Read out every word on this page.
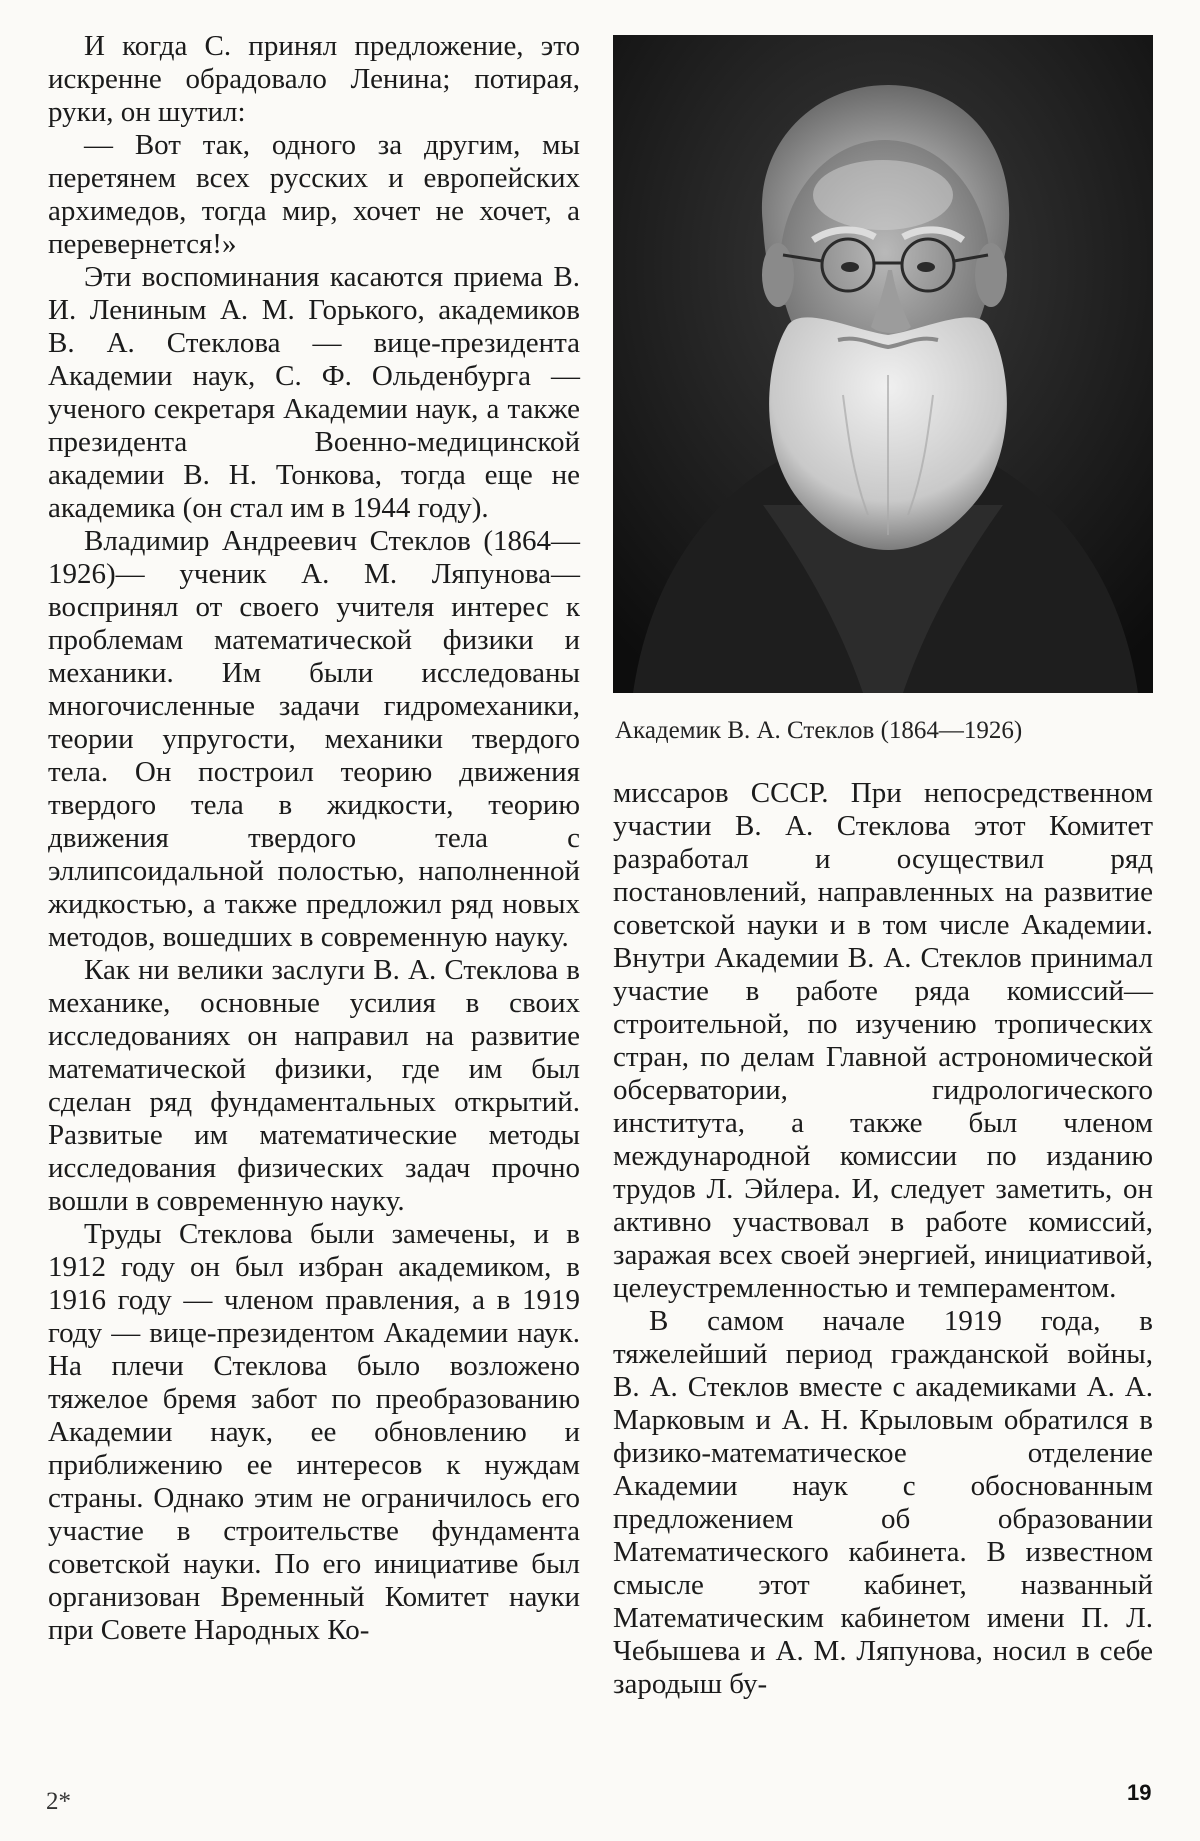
И когда С. принял предложение, это искренне обрадовало Ленина; потирая, руки, он шутил:

— Вот так, одного за другим, мы перетянем всех русских и европейских архимедов, тогда мир, хочет не хочет, а перевернется!»

Эти воспоминания касаются приема В. И. Лениным А. М. Горького, академиков В. А. Стеклова — вице-президента Академии наук, С. Ф. Ольденбурга — ученого секретаря Академии наук, а также президента Военно-медицинской академии В. Н. Тонкова, тогда еще не академика (он стал им в 1944 году).

Владимир Андреевич Стеклов (1864—1926)— ученик А. М. Ляпунова—воспринял от своего учителя интерес к проблемам математической физики и механики. Им были исследованы многочисленные задачи гидромеханики, теории упругости, механики твердого тела. Он построил теорию движения твердого тела в жидкости, теорию движения твердого тела с эллипсоидальной полостью, наполненной жидкостью, а также предложил ряд новых методов, вошедших в современную науку.

Как ни велики заслуги В. А. Стеклова в механике, основные усилия в своих исследованиях он направил на развитие математической физики, где им был сделан ряд фундаментальных открытий. Развитые им математические методы исследования физических задач прочно вошли в современную науку.

Труды Стеклова были замечены, и в 1912 году он был избран академиком, в 1916 году — членом правления, а в 1919 году — вице-президентом Академии наук. На плечи Стеклова было возложено тяжелое бремя забот по преобразованию Академии наук, ее обновлению и приближению ее интересов к нуждам страны. Однако этим не ограничилось его участие в строительстве фундамента советской науки. По его инициативе был организован Временный Комитет науки при Совете Народных Ко-

Академик В. А. Стеклов (1864—1926)

миссаров СССР. При непосредственном участии В. А. Стеклова этот Комитет разработал и осуществил ряд постановлений, направленных на развитие советской науки и в том числе Академии. Внутри Академии В. А. Стеклов принимал участие в работе ряда комиссий—строительной, по изучению тропических стран, по делам Главной астрономической обсерватории, гидрологического института, а также был членом международной комиссии по изданию трудов Л. Эйлера. И, следует заметить, он активно участвовал в работе комиссий, заражая всех своей энергией, инициативой, целеустремленностью и темпераментом.

В самом начале 1919 года, в тяжелейший период гражданской войны, В. А. Стеклов вместе с академиками А. А. Марковым и А. Н. Крыловым обратился в физико-математическое отделение Академии наук с обоснованным предложением об образовании Математического кабинета. В известном смысле этот кабинет, названный Математическим кабинетом имени П. Л. Чебышева и А. М. Ляпунова, носил в себе зародыш бу-

2*	19
